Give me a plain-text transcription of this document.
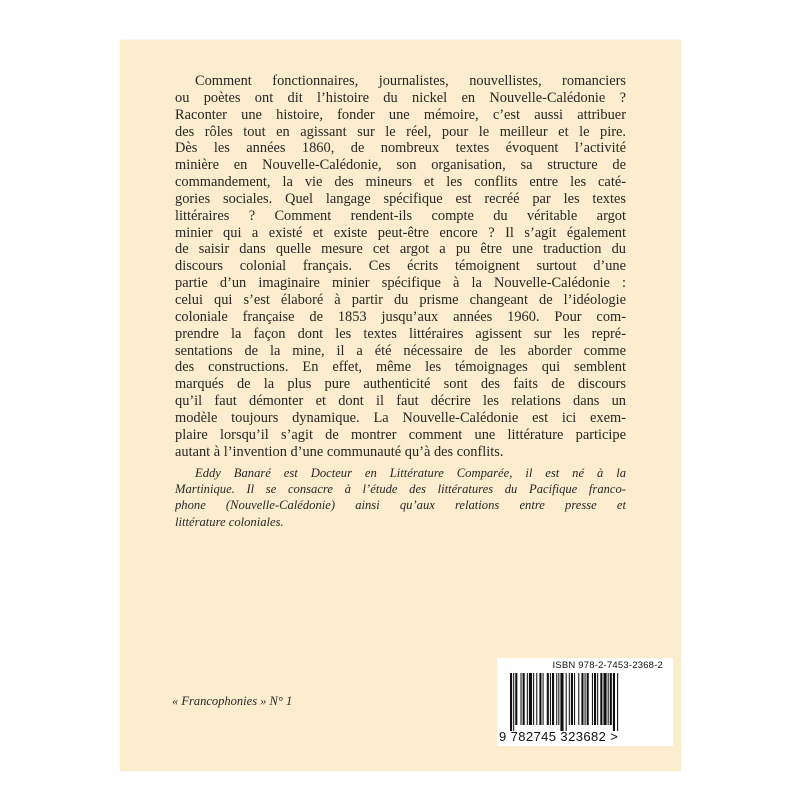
Comment fonctionnaires, journalistes, nouvellistes, romanciers
ou poètes ont dit l’histoire du nickel en Nouvelle-Calédonie ?
Raconter une histoire, fonder une mémoire, c’est aussi attribuer
des rôles tout en agissant sur le réel, pour le meilleur et le pire.
Dès les années 1860, de nombreux textes évoquent l’activité
minière en Nouvelle-Calédonie, son organisation, sa structure de
commandement, la vie des mineurs et les conflits entre les caté-
gories sociales. Quel langage spécifique est recréé par les textes
littéraires ? Comment rendent-ils compte du véritable argot
minier qui a existé et existe peut-être encore ? Il s’agit également
de saisir dans quelle mesure cet argot a pu être une traduction du
discours colonial français. Ces écrits témoignent surtout d’une
partie d’un imaginaire minier spécifique à la Nouvelle-Calédonie :
celui qui s’est élaboré à partir du prisme changeant de l’idéologie
coloniale française de 1853 jusqu’aux années 1960. Pour com-
prendre la façon dont les textes littéraires agissent sur les repré-
sentations de la mine, il a été nécessaire de les aborder comme
des constructions. En effet, même les témoignages qui semblent
marqués de la plus pure authenticité sont des faits de discours
qu’il faut démonter et dont il faut décrire les relations dans un
modèle toujours dynamique. La Nouvelle-Calédonie est ici exem-
plaire lorsqu’il s’agit de montrer comment une littérature participe
autant à l’invention d’une communauté qu’à des conflits.
Eddy Banaré est Docteur en Littérature Comparée, il est né à la
Martinique. Il se consacre à l’étude des littératures du Pacifique franco-
phone (Nouvelle-Calédonie) ainsi qu’aux relations entre presse et
littérature coloniales.
« Francophonies » N° 1
ISBN 978-2-7453-2368-2
9 782745 323682 >
